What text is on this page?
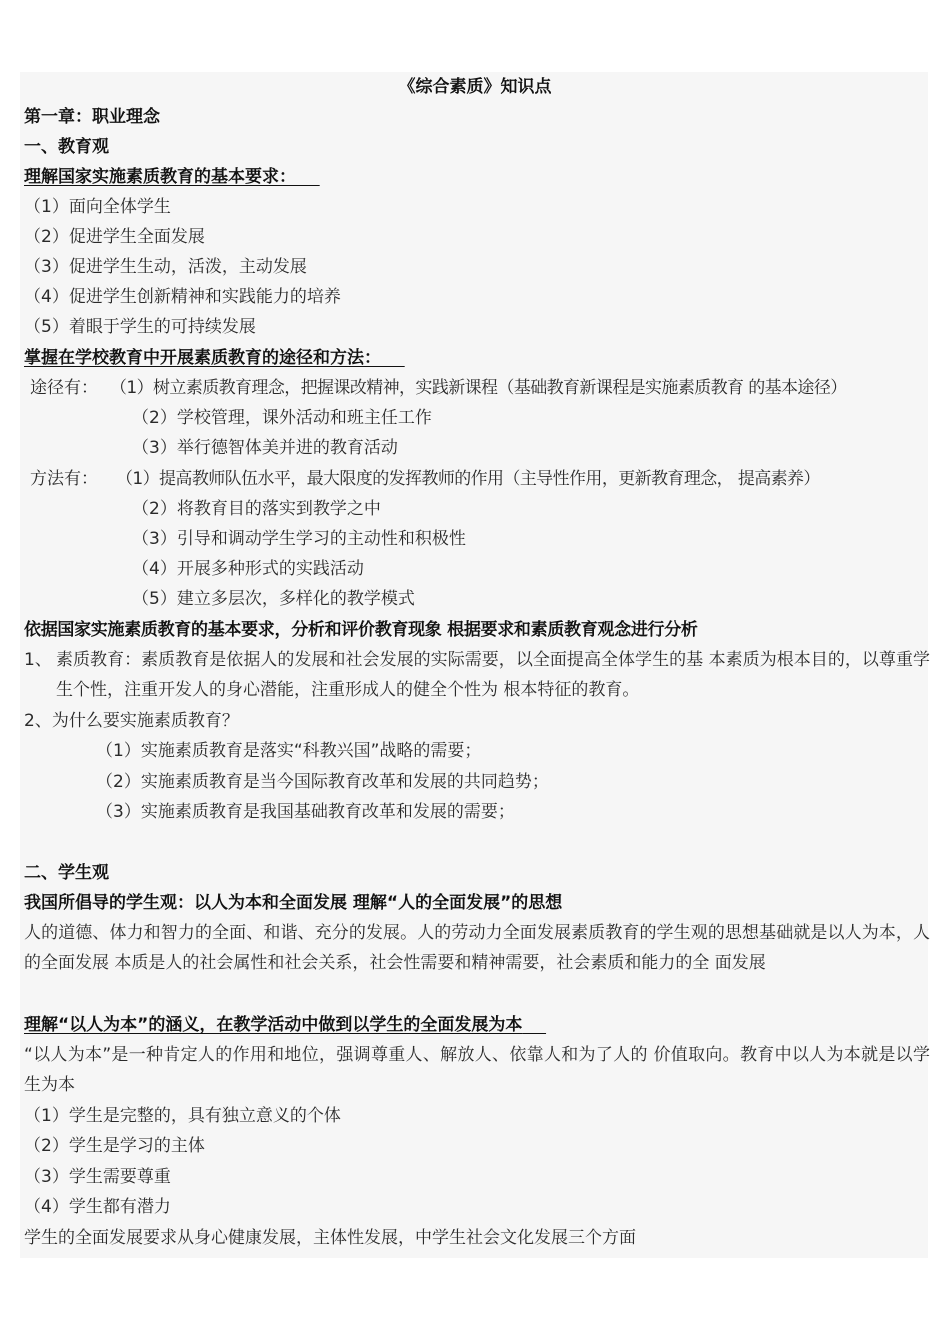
《综合素质》知识点
第一章：职业理念
一、教育观
理解国家实施素质教育的基本要求：
（1）面向全体学生
（2）促进学生全面发展
（3）促进学生生动，活泼，主动发展
（4）促进学生创新精神和实践能力的培养
（5）着眼于学生的可持续发展
掌握在学校教育中开展素质教育的途径和方法：
途径有： （1）树立素质教育理念，把握课改精神，实践新课程（基础教育新课程是实施素质教育 的基本途径）
（2）学校管理，课外活动和班主任工作
（3）举行德智体美并进的教育活动
方法有： （1）提高教师队伍水平，最大限度的发挥教师的作用（主导性作用，更新教育理念， 提高素养）
（2）将教育目的落实到教学之中
（3）引导和调动学生学习的主动性和积极性
（4）开展多种形式的实践活动
（5）建立多层次，多样化的教学模式
依据国家实施素质教育的基本要求，分析和评价教育现象 根据要求和素质教育观念进行分析
1、 素质教育：素质教育是依据人的发展和社会发展的实际需要，以全面提高全体学生的基 本素质为根本目的，以尊重学生个性，注重开发人的身心潜能，注重形成人的健全个性为 根本特征的教育。
2、为什么要实施素质教育？
（1）实施素质教育是落实“科教兴国”战略的需要；
（2）实施素质教育是当今国际教育改革和发展的共同趋势；
（3）实施素质教育是我国基础教育改革和发展的需要；
二、学生观
我国所倡导的学生观：以人为本和全面发展 理解“人的全面发展”的思想
人的道德、体力和智力的全面、和谐、充分的发展。人的劳动力全面发展素质教育的学生观的思想基础就是以人为本，人的全面发展 本质是人的社会属性和社会关系，社会性需要和精神需要，社会素质和能力的全 面发展
理解“以人为本”的涵义，在教学活动中做到以学生的全面发展为本
“以人为本”是一种肯定人的作用和地位，强调尊重人、解放人、依靠人和为了人的 价值取向。教育中以人为本就是以学生为本
（1）学生是完整的，具有独立意义的个体
（2）学生是学习的主体
（3）学生需要尊重
（4）学生都有潜力
学生的全面发展要求从身心健康发展，主体性发展，中学生社会文化发展三个方面
